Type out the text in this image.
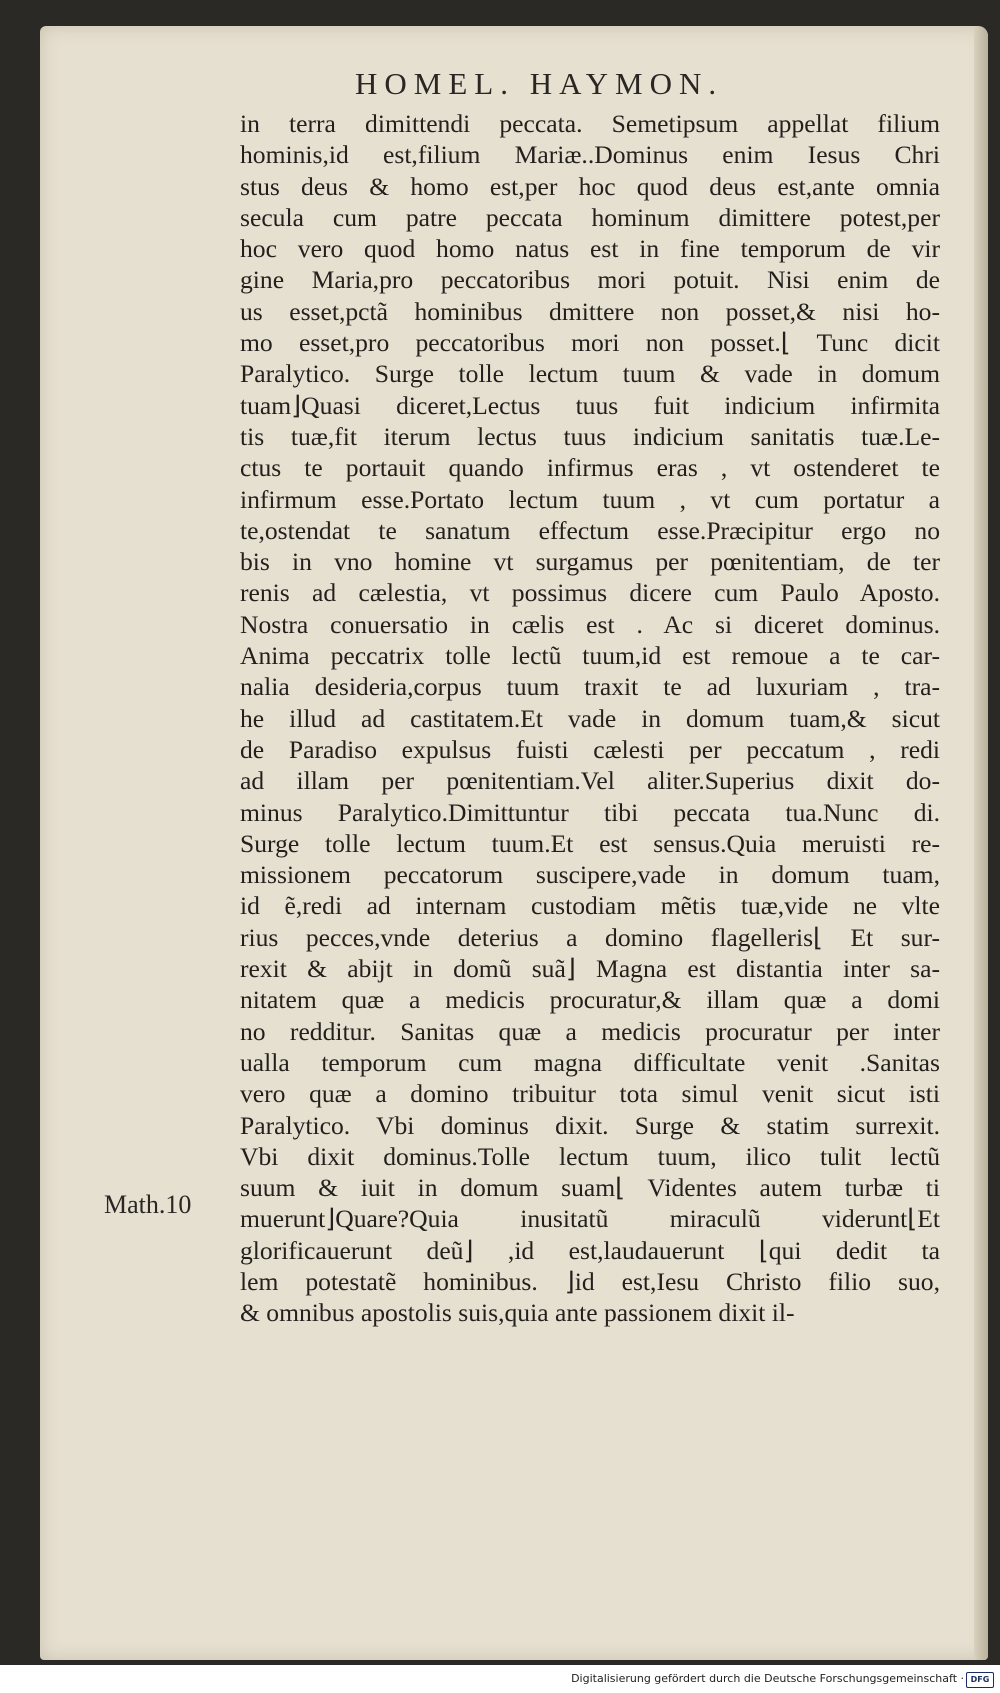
HOMEL. HAYMON.
Math.10
in terra dimittendi peccata. Semetipsum appellat filium
hominis,id est,filium Mariæ..Dominus enim Iesus Chri
stus deus & homo est,per hoc quod deus est,ante omnia
secula cum patre peccata hominum dimittere potest,per
hoc vero quod homo natus est in fine temporum de vir
gine Maria,pro peccatoribus mori potuit. Nisi enim de
us esset,pctã hominibus dmittere non posset,& nisi ho-
mo esset,pro peccatoribus mori non posset.⌊ Tunc dicit
Paralytico. Surge tolle lectum tuum & vade in domum
tuam⌋Quasi diceret,Lectus tuus fuit indicium infirmita
tis tuæ,fit iterum lectus tuus indicium sanitatis tuæ.Le-
ctus te portauit quando infirmus eras , vt ostenderet te
infirmum esse.Portato lectum tuum , vt cum portatur a
te,ostendat te sanatum effectum esse.Præcipitur ergo no
bis in vno homine vt surgamus per pœnitentiam, de ter
renis ad cælestia, vt possimus dicere cum Paulo Aposto.
Nostra conuersatio in cælis est . Ac si diceret dominus.
Anima peccatrix tolle lectũ tuum,id est remoue a te car-
nalia desideria,corpus tuum traxit te ad luxuriam , tra-
he illud ad castitatem.Et vade in domum tuam,& sicut
de Paradiso expulsus fuisti cælesti per peccatum , redi
ad illam per pœnitentiam.Vel aliter.Superius dixit do-
minus Paralytico.Dimittuntur tibi peccata tua.Nunc di.
Surge tolle lectum tuum.Et est sensus.Quia meruisti re-
missionem peccatorum suscipere,vade in domum tuam,
id ẽ,redi ad internam custodiam mẽtis tuæ,vide ne vlte
rius pecces,vnde deterius a domino flagelleris⌊ Et sur-
rexit & abijt in domũ suã⌋ Magna est distantia inter sa-
nitatem quæ a medicis procuratur,& illam quæ a domi
no redditur. Sanitas quæ a medicis procuratur per inter
ualla temporum cum magna difficultate venit .Sanitas
vero quæ a domino tribuitur tota simul venit sicut isti
Paralytico. Vbi dominus dixit. Surge & statim surrexit.
Vbi dixit dominus.Tolle lectum tuum, ilico tulit lectũ
suum & iuit in domum suam⌊ Videntes autem turbæ ti
muerunt⌋Quare?Quia inusitatũ miraculũ viderunt⌊Et
glorificauerunt deũ⌋ ,id est,laudauerunt ⌊qui dedit ta
lem potestatẽ hominibus. ⌋id est,Iesu Christo filio suo,
& omnibus apostolis suis,quia ante passionem dixit il-
Digitalisierung gefördert durch die Deutsche Forschungsgemeinschaft · DFG
